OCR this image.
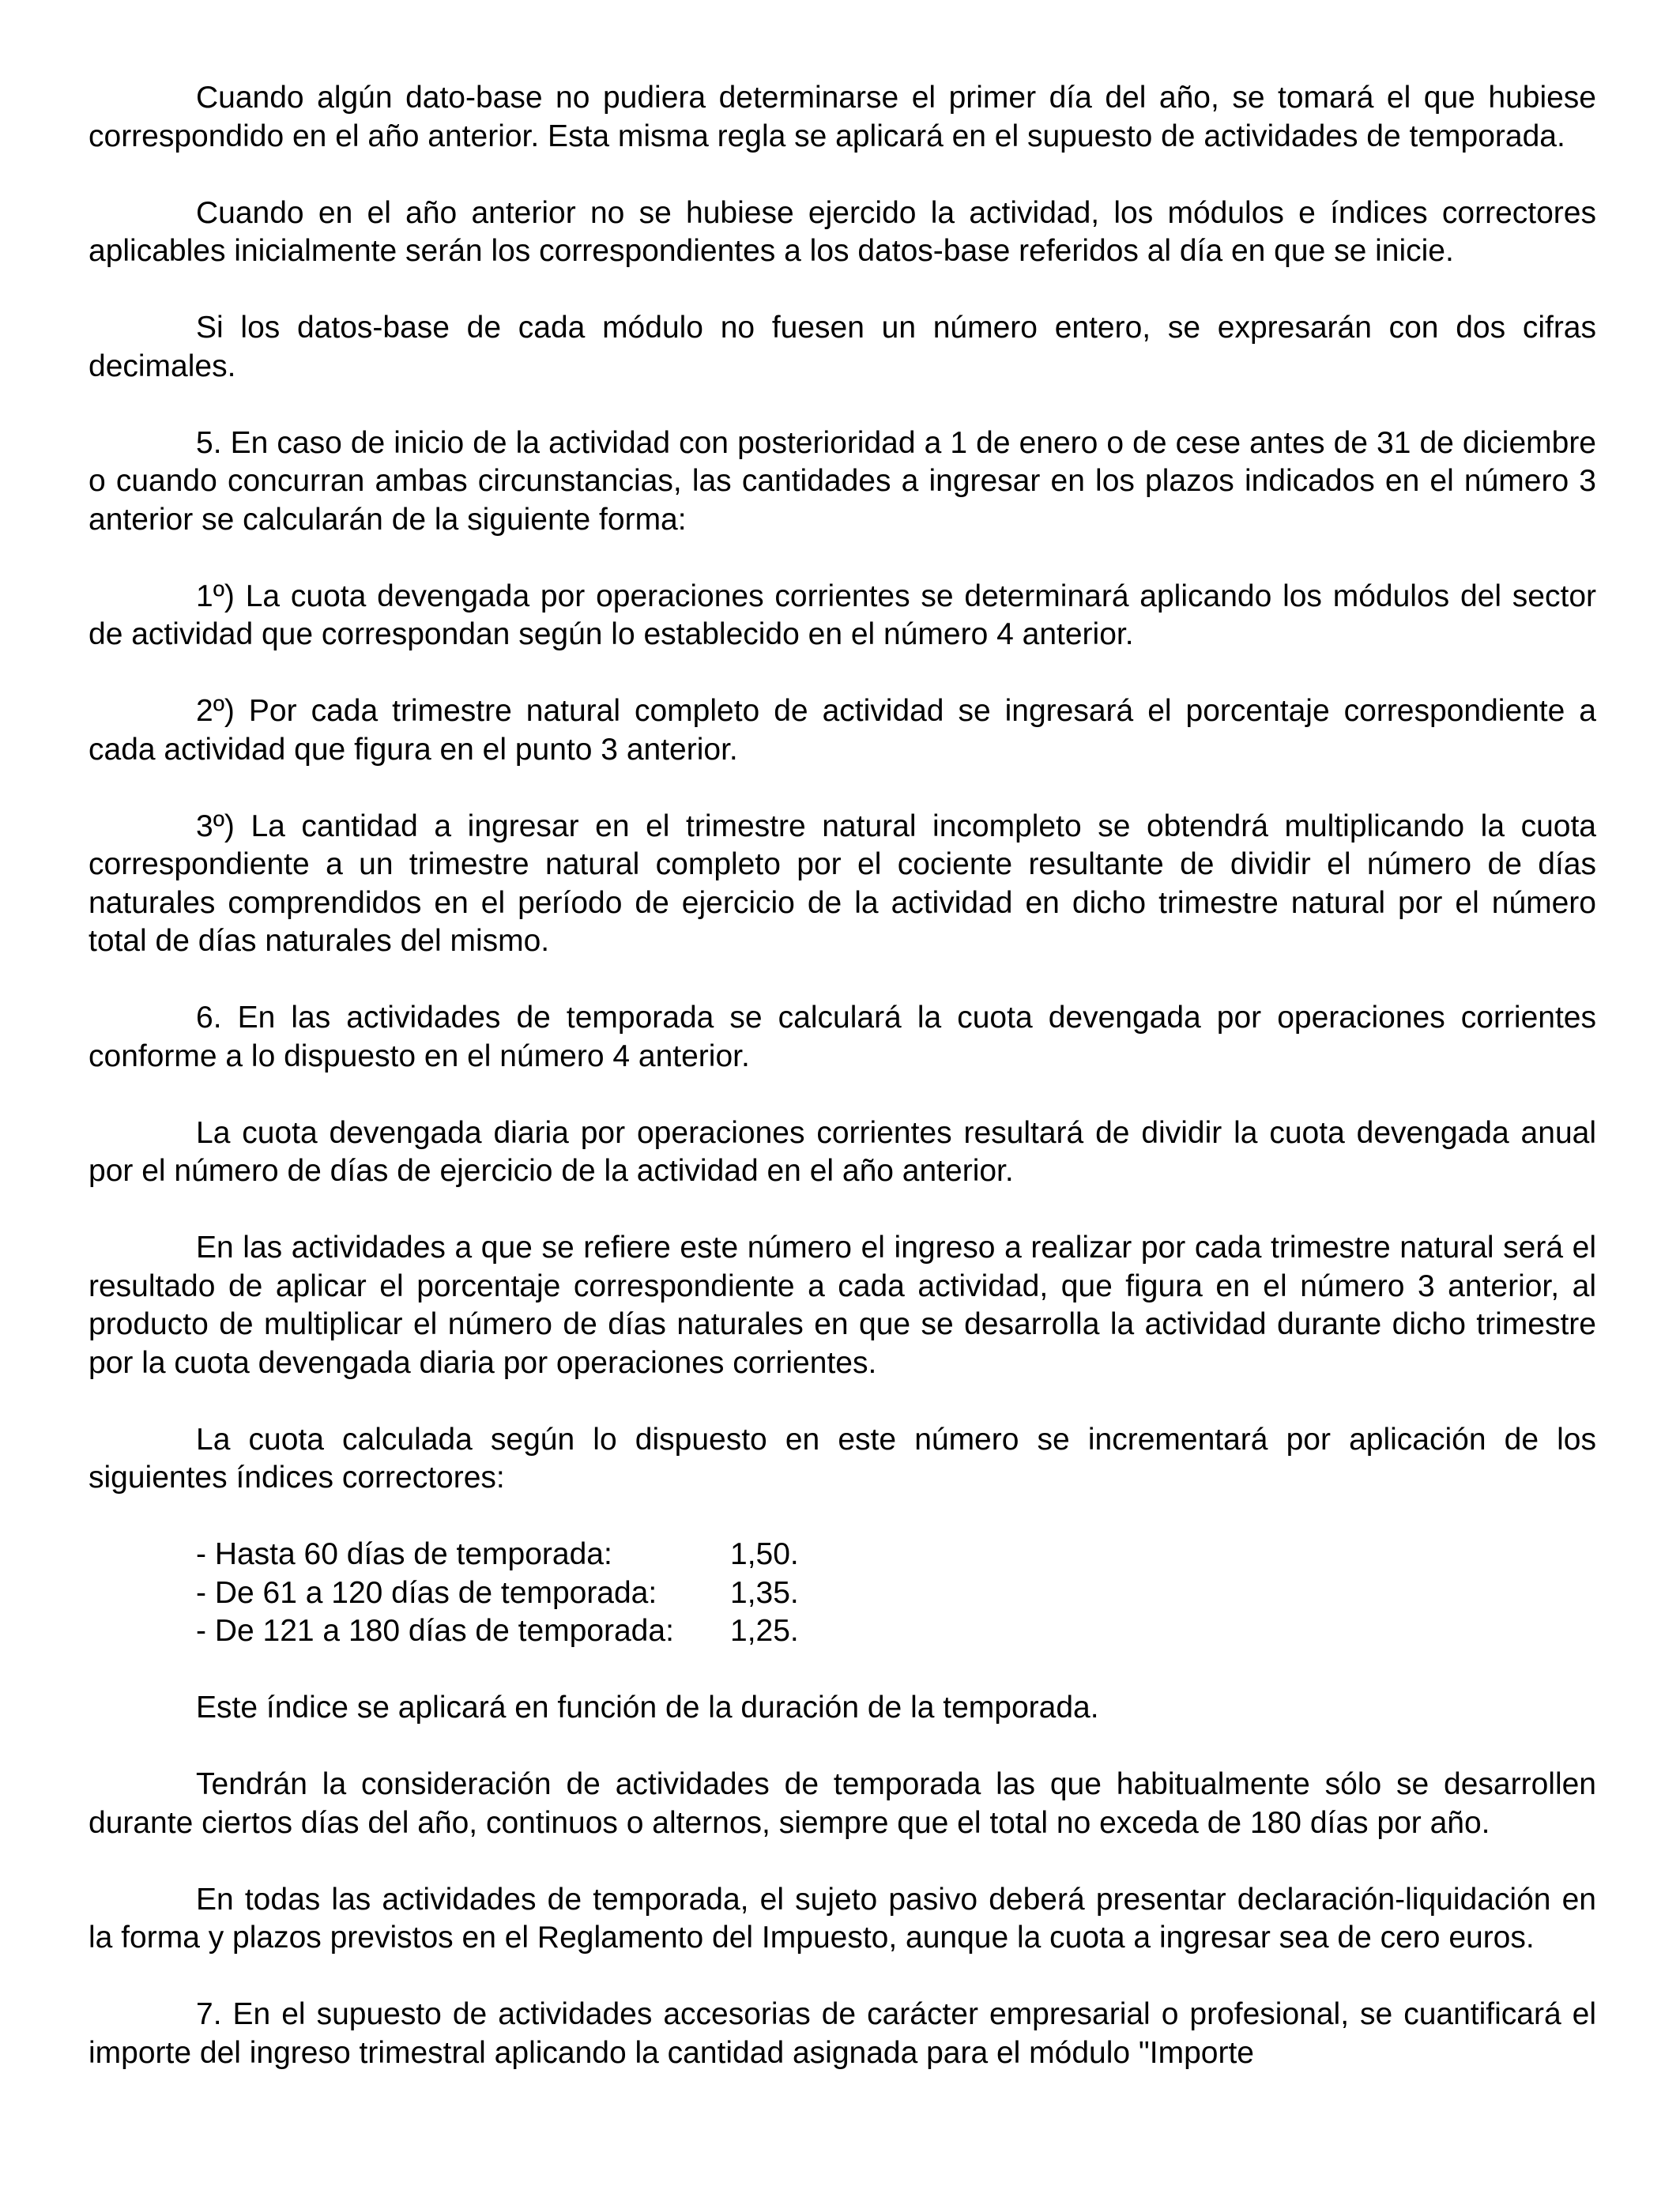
Cuando algún dato-base no pudiera determinarse el primer día del año, se tomará el que hubiese correspondido en el año anterior. Esta misma regla se aplicará en el supuesto de actividades de temporada.

Cuando en el año anterior no se hubiese ejercido la actividad, los módulos e índices correctores aplicables inicialmente serán los correspondientes a los datos-base referidos al día en que se inicie.

Si los datos-base de cada módulo no fuesen un número entero, se expresarán con dos cifras decimales.

5. En caso de inicio de la actividad con posterioridad a 1 de enero o de cese antes de 31 de diciembre o cuando concurran ambas circunstancias, las cantidades a ingresar en los plazos indicados en el número 3 anterior se calcularán de la siguiente forma:

1º) La cuota devengada por operaciones corrientes se determinará aplicando los módulos del sector de actividad que correspondan según lo establecido en el número 4 anterior.

2º) Por cada trimestre natural completo de actividad se ingresará el porcentaje correspondiente a cada actividad que figura en el punto 3 anterior.

3º) La cantidad a ingresar en el trimestre natural incompleto se obtendrá multiplicando la cuota correspondiente a un trimestre natural completo por el cociente resultante de dividir el número de días naturales comprendidos en el período de ejercicio de la actividad en dicho trimestre natural por el número total de días naturales del mismo.

6. En las actividades de temporada se calculará la cuota devengada por operaciones corrientes conforme a lo dispuesto en el número 4 anterior.

La cuota devengada diaria por operaciones corrientes resultará de dividir la cuota devengada anual por el número de días de ejercicio de la actividad en el año anterior.

En las actividades a que se refiere este número el ingreso a realizar por cada trimestre natural será el resultado de aplicar el porcentaje correspondiente a cada actividad, que figura en el número 3 anterior, al producto de multiplicar el número de días naturales en que se desarrolla la actividad durante dicho trimestre por la cuota devengada diaria por operaciones corrientes.

La cuota calculada según lo dispuesto en este número se incrementará por aplicación de los siguientes índices correctores:

- Hasta 60 días de temporada:	1,50.
- De 61 a 120 días de temporada:	1,35.
- De 121 a 180 días de temporada:	1,25.

Este índice se aplicará en función de la duración de la temporada.

Tendrán la consideración de actividades de temporada las que habitualmente sólo se desarrollen durante ciertos días del año, continuos o alternos, siempre que el total no exceda de 180 días por año.

En todas las actividades de temporada, el sujeto pasivo deberá presentar declaración-liquidación en la forma y plazos previstos en el Reglamento del Impuesto, aunque la cuota a ingresar sea de cero euros.

7. En el supuesto de actividades accesorias de carácter empresarial o profesional, se cuantificará el importe del ingreso trimestral aplicando la cantidad asignada para el módulo "Importe
